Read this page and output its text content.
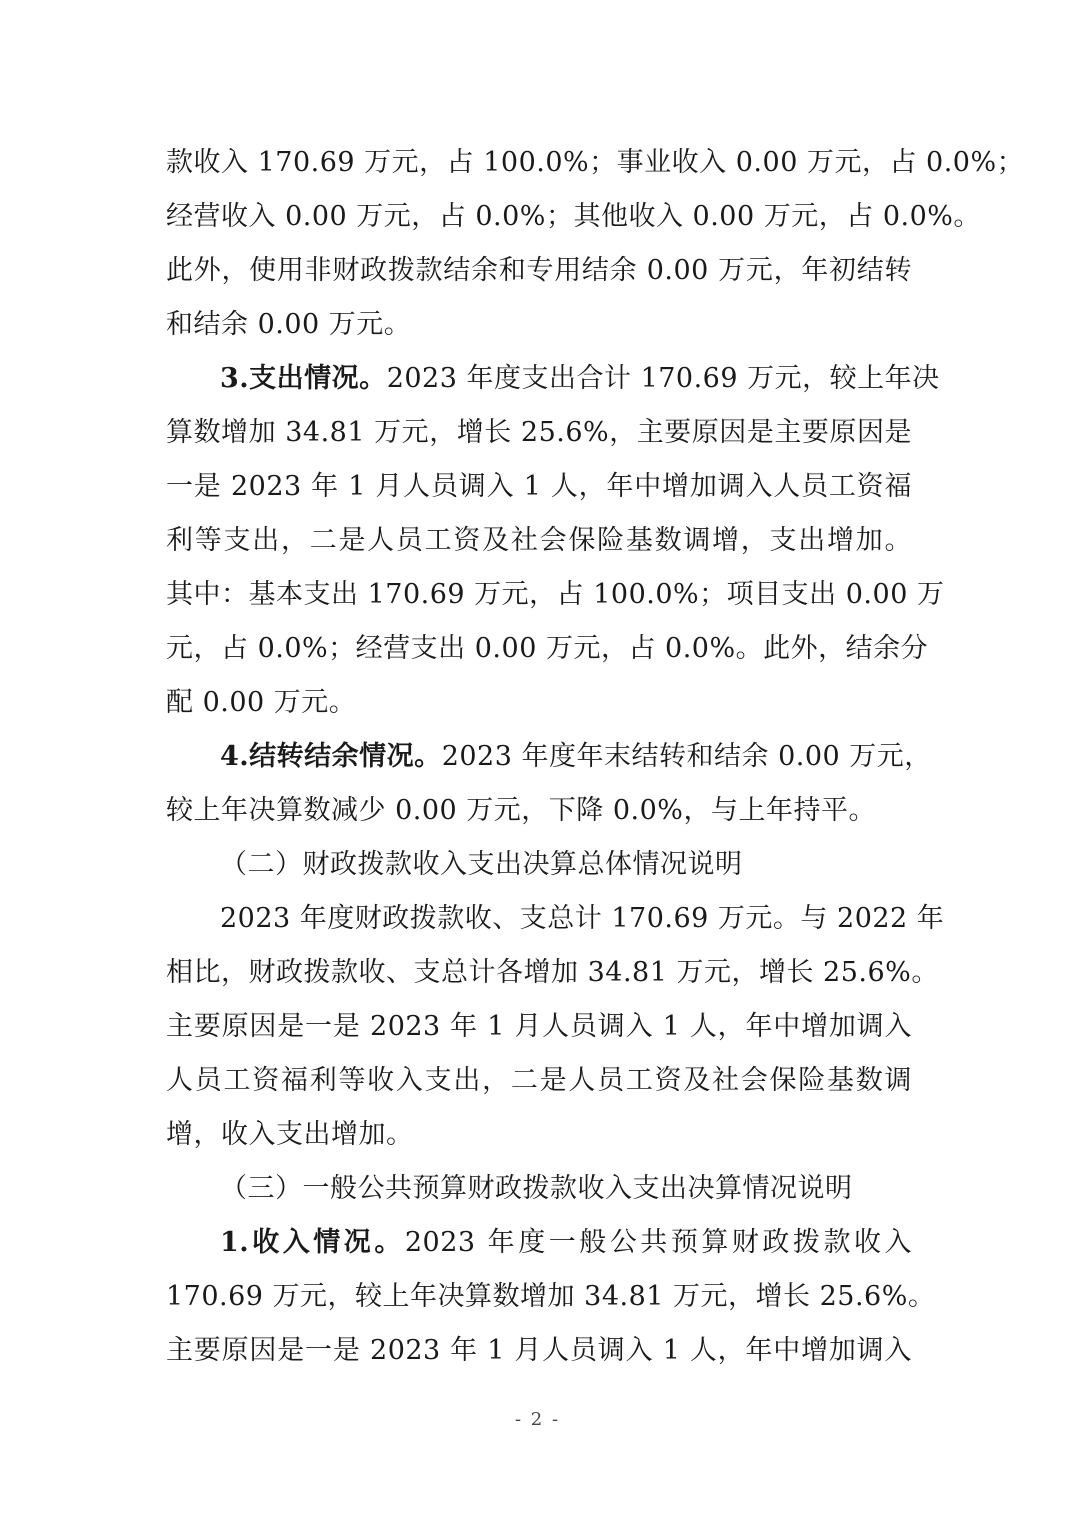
款收入 170.69 万元，占 100.0%；事业收入 0.00 万元，占 0.0%；
经营收入 0.00 万元，占 0.0%；其他收入 0.00 万元，占 0.0%。
此外，使用非财政拨款结余和专用结余 0.00 万元，年初结转
和结余 0.00 万元。
3.支出情况。2023 年度支出合计 170.69 万元，较上年决
算数增加 34.81 万元，增长 25.6%，主要原因是主要原因是
一是 2023 年 1 月人员调入 1 人，年中增加调入人员工资福
利等支出，二是人员工资及社会保险基数调增，支出增加。
其中：基本支出 170.69 万元，占 100.0%；项目支出 0.00 万
元，占 0.0%；经营支出 0.00 万元，占 0.0%。此外，结余分
配 0.00 万元。
4.结转结余情况。2023 年度年末结转和结余 0.00 万元，
较上年决算数减少 0.00 万元，下降 0.0%，与上年持平。
（二）财政拨款收入支出决算总体情况说明
2023 年度财政拨款收、支总计 170.69 万元。与 2022 年
相比，财政拨款收、支总计各增加 34.81 万元，增长 25.6%。
主要原因是一是 2023 年 1 月人员调入 1 人，年中增加调入
人员工资福利等收入支出，二是人员工资及社会保险基数调
增，收入支出增加。
（三）一般公共预算财政拨款收入支出决算情况说明
1.收入情况。2023 年度一般公共预算财政拨款收入
170.69 万元，较上年决算数增加 34.81 万元，增长 25.6%。
主要原因是一是 2023 年 1 月人员调入 1 人，年中增加调入
- 2 -
